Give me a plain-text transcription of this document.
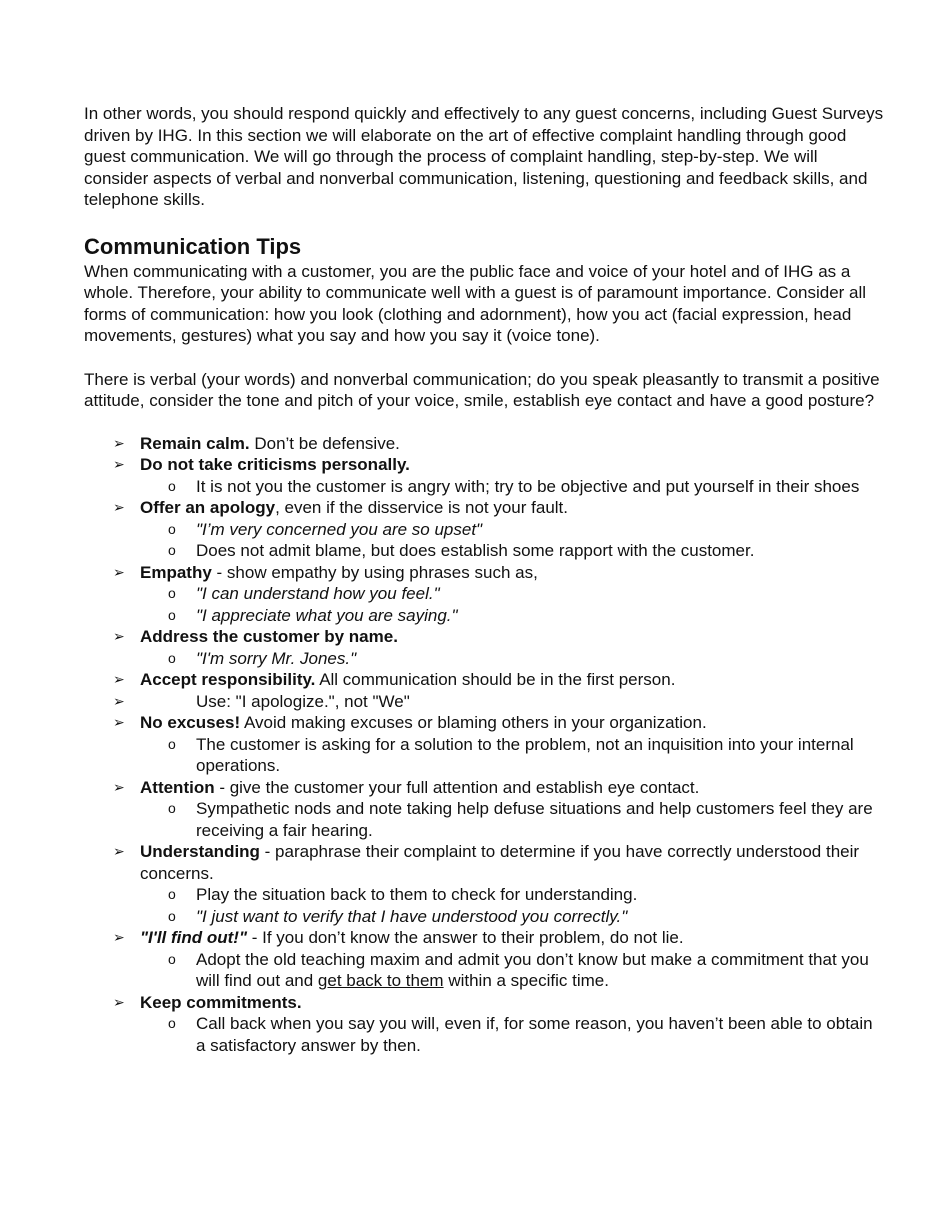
In other words, you should respond quickly and effectively to any guest concerns, including Guest Surveys driven by IHG. In this section we will elaborate on the art of effective complaint handling through good guest communication. We will go through the process of complaint handling, step-by-step. We will consider aspects of verbal and nonverbal communication, listening, questioning and feedback skills, and telephone skills.

Communication Tips

When communicating with a customer, you are the public face and voice of your hotel and of IHG as a whole. Therefore, your ability to communicate well with a guest is of paramount importance. Consider all forms of communication: how you look (clothing and adornment), how you act (facial expression, head movements, gestures) what you say and how you say it (voice tone).

There is verbal (your words) and nonverbal communication; do you speak pleasantly to transmit a positive attitude, consider the tone and pitch of your voice, smile, establish eye contact and have a good posture?

➢ Remain calm. Don’t be defensive.
➢ Do not take criticisms personally.
o It is not you the customer is angry with; try to be objective and put yourself in their shoes
➢ Offer an apology, even if the disservice is not your fault.
o "I’m very concerned you are so upset"
o Does not admit blame, but does establish some rapport with the customer.
➢ Empathy - show empathy by using phrases such as,
o "I can understand how you feel."
o "I appreciate what you are saying."
➢ Address the customer by name.
o "I'm sorry Mr. Jones."
➢ Accept responsibility. All communication should be in the first person.
➢	Use: "I apologize.", not "We"
➢ No excuses! Avoid making excuses or blaming others in your organization.
o The customer is asking for a solution to the problem, not an inquisition into your internal operations.
➢ Attention - give the customer your full attention and establish eye contact.
o Sympathetic nods and note taking help defuse situations and help customers feel they are receiving a fair hearing.
➢ Understanding - paraphrase their complaint to determine if you have correctly understood their concerns.
o Play the situation back to them to check for understanding.
o "I just want to verify that I have understood you correctly."
➢ "I'll find out!" - If you don’t know the answer to their problem, do not lie.
o Adopt the old teaching maxim and admit you don’t know but make a commitment that you will find out and get back to them within a specific time.
➢ Keep commitments.
o Call back when you say you will, even if, for some reason, you haven’t been able to obtain a satisfactory answer by then.
